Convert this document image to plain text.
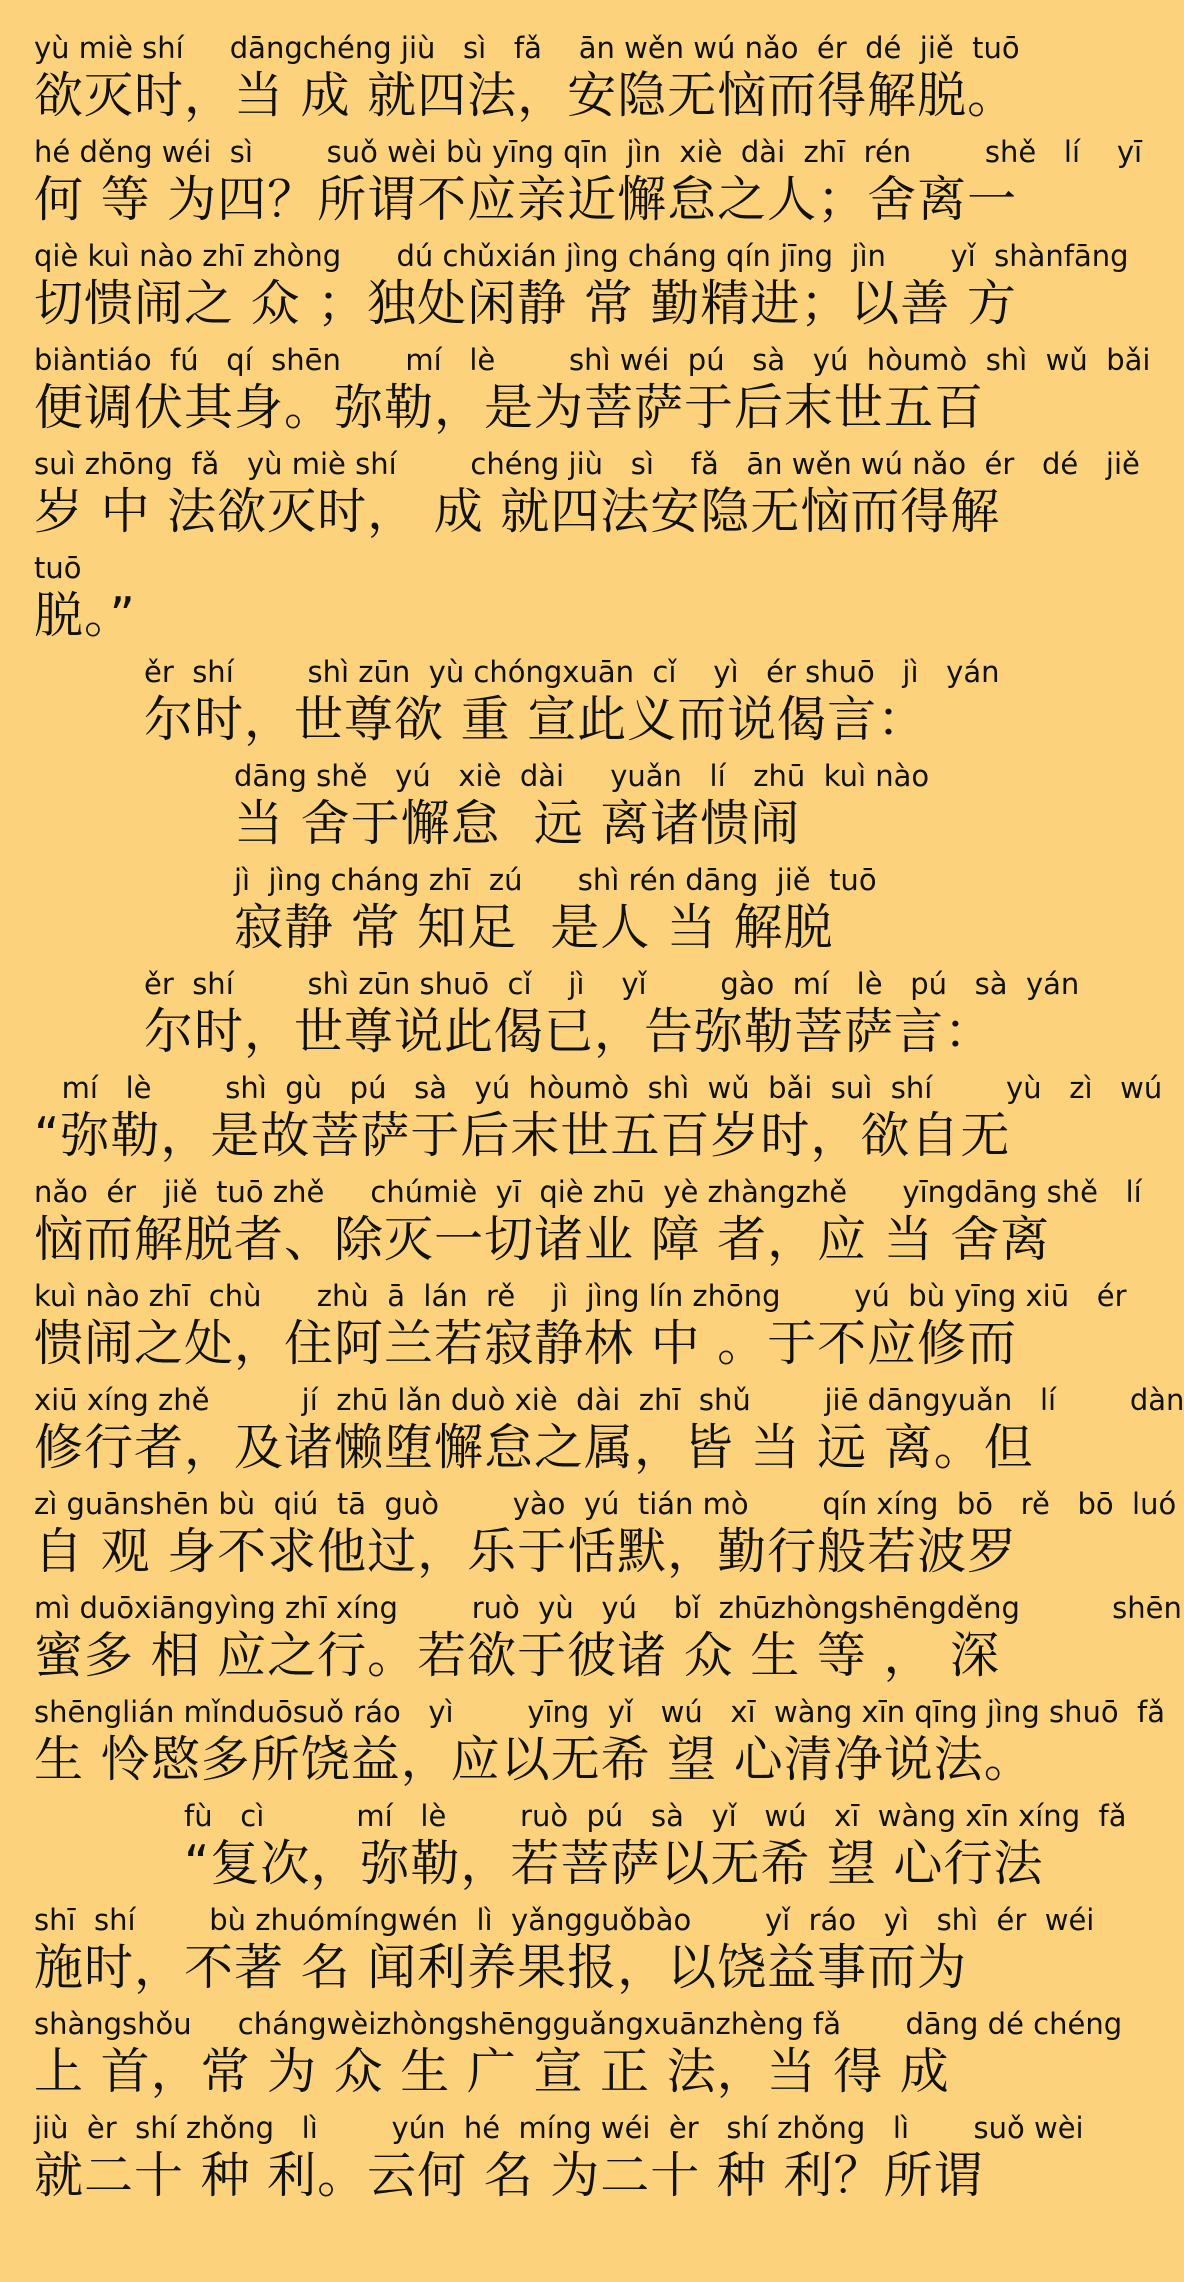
yù miè shí     dāngchéng jiù   sì   fǎ    ān wěn wú nǎo  ér  dé  jiě  tuō
欲灭时，当 成 就四法，安隐无恼而得解脱。
hé děng wéi  sì        suǒ wèi bù yīng qīn  jìn  xiè  dài  zhī  rén        shě   lí    yī
何 等 为四？所谓不应亲近懈怠之人；舍离一
qiè kuì nào zhī zhòng      dú chǔxián jìng cháng qín jīng  jìn       yǐ  shànfāng
切愦闹之 众 ；独处闲静 常 勤精进；以善 方
biàntiáo  fú   qí  shēn       mí   lè        shì wéi  pú   sà   yú  hòumò  shì  wǔ  bǎi
便调伏其身。弥勒，是为菩萨于后末世五百
suì zhōng  fǎ   yù miè shí        chéng jiù   sì    fǎ   ān wěn wú nǎo  ér   dé   jiě
岁 中 法欲灭时， 成 就四法安隐无恼而得解
tuō
脱。”
ěr  shí        shì zūn  yù chóngxuān  cǐ    yì   ér shuō   jì   yán
尔时，世尊欲 重 宣此义而说偈言：
dāng shě   yú   xiè  dài     yuǎn   lí   zhū  kuì nào
当 舍于懈怠  远 离诸愦闹
jì  jìng cháng zhī  zú      shì rén dāng  jiě  tuō
寂静 常 知足  是人 当 解脱
ěr  shí        shì zūn shuō  cǐ    jì    yǐ        gào  mí   lè   pú   sà  yán
尔时，世尊说此偈已，告弥勒菩萨言：
mí   lè        shì  gù   pú   sà   yú  hòumò  shì  wǔ  bǎi  suì  shí        yù   zì   wú
“弥勒，是故菩萨于后末世五百岁时，欲自无
nǎo  ér   jiě  tuō zhě     chúmiè  yī  qiè zhū  yè zhàngzhě      yīngdāng shě   lí
恼而解脱者、除灭一切诸业 障 者，应 当 舍离
kuì nào zhī  chù      zhù  ā  lán  rě    jì  jìng lín zhōng        yú  bù yīng xiū   ér
愦闹之处，住阿兰若寂静林 中 。于不应修而
xiū xíng zhě          jí  zhū lǎn duò xiè  dài  zhī  shǔ        jiē dāngyuǎn   lí        dàn
修行者，及诸懒堕懈怠之属，皆 当 远 离。但
zì guānshēn bù  qiú  tā  guò        yào  yú  tián mò        qín xíng  bō   rě   bō  luó
自 观 身不求他过，乐于恬默，勤行般若波罗
mì duōxiāngyìng zhī xíng        ruò  yù   yú    bǐ  zhūzhòngshēngděng          shēn
蜜多 相 应之行。若欲于彼诸 众 生 等 ， 深
shēnglián mǐnduōsuǒ ráo   yì        yīng  yǐ   wú   xī  wàng xīn qīng jìng shuō  fǎ
生 怜愍多所饶益，应以无希 望 心清净说法。
fù   cì          mí   lè        ruò  pú   sà   yǐ   wú   xī  wàng xīn xíng  fǎ
“复次，弥勒，若菩萨以无希 望 心行法
shī  shí        bù zhuómíngwén  lì  yǎngguǒbào        yǐ  ráo   yì   shì  ér  wéi
施时，不著 名 闻利养果报，以饶益事而为
shàngshǒu     chángwèizhòngshēngguǎngxuānzhèng fǎ       dāng dé chéng
上 首，常 为 众 生 广 宣 正 法，当 得 成
jiù  èr  shí zhǒng   lì        yún  hé  míng wéi  èr   shí zhǒng   lì       suǒ wèi
就二十 种 利。云何 名 为二十 种 利？所谓
